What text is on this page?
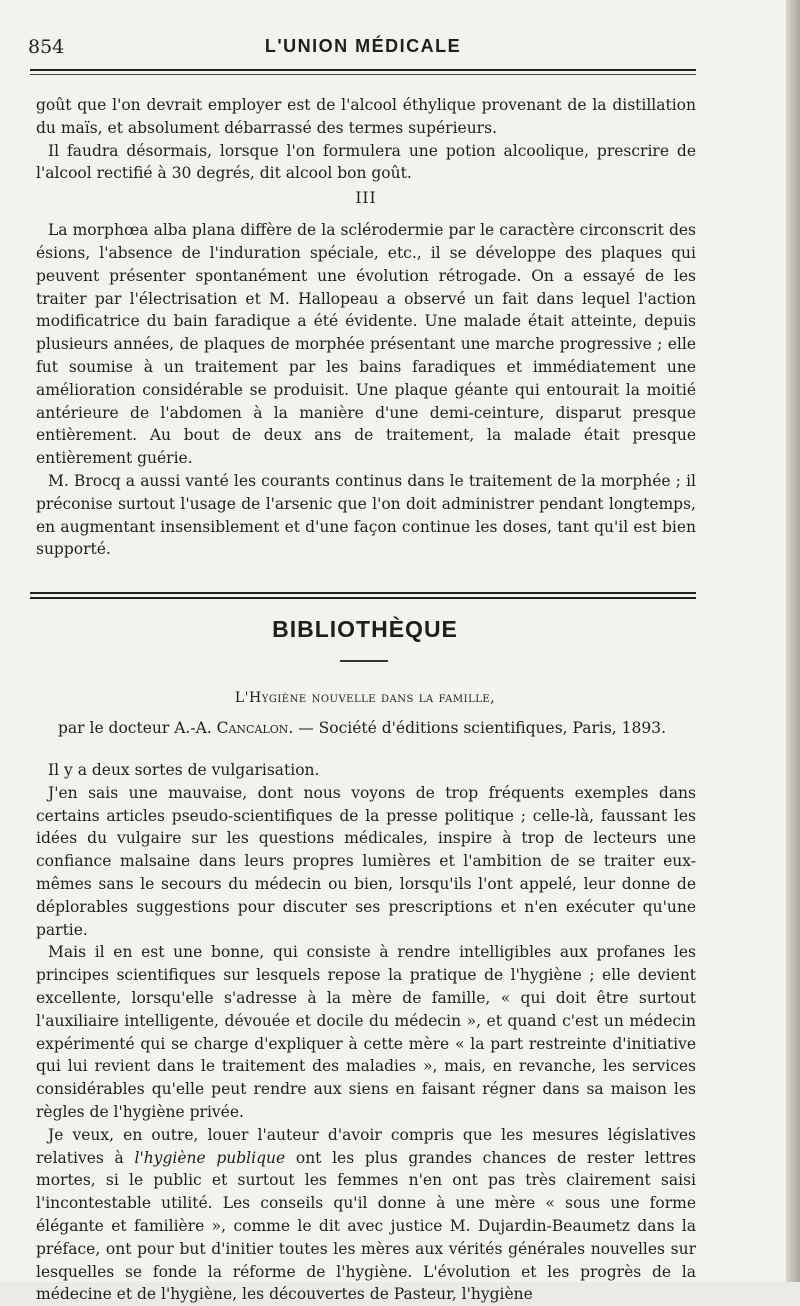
854	L'UNION MÉDICALE

goût que l'on devrait employer est de l'alcool éthylique provenant de la distillation du maïs, et absolument débarrassé des termes supérieurs.

Il faudra désormais, lorsque l'on formulera une potion alcoolique, prescrire de l'alcool rectifié à 30 degrés, dit alcool bon goût.

III

La morphœa alba plana diffère de la sclérodermie par le caractère circonscrit des ésions, l'absence de l'induration spéciale, etc., il se développe des plaques qui peuvent présenter spontanément une évolution rétrogade. On a essayé de les traiter par l'électrisation et M. Hallopeau a observé un fait dans lequel l'action modificatrice du bain faradique a été évidente. Une malade était atteinte, depuis plusieurs années, de plaques de morphée présentant une marche progressive ; elle fut soumise à un traitement par les bains faradiques et immédiatement une amélioration considérable se produisit. Une plaque géante qui entourait la moitié antérieure de l'abdomen à la manière d'une demi-ceinture, disparut presque entièrement. Au bout de deux ans de traitement, la malade était presque entièrement guérie.

M. Brocq a aussi vanté les courants continus dans le traitement de la morphée ; il préconise surtout l'usage de l'arsenic que l'on doit administrer pendant longtemps, en augmentant insensiblement et d'une façon continue les doses, tant qu'il est bien supporté.

BIBLIOTHÈQUE
L'Hygiène nouvelle dans la famille,
par le docteur A.-A. Cancalon. — Société d'éditions scientifiques, Paris, 1893.

Il y a deux sortes de vulgarisation.

J'en sais une mauvaise, dont nous voyons de trop fréquents exemples dans certains articles pseudo-scientifiques de la presse politique ; celle-là, faussant les idées du vulgaire sur les questions médicales, inspire à trop de lecteurs une confiance malsaine dans leurs propres lumières et l'ambition de se traiter eux-mêmes sans le secours du médecin ou bien, lorsqu'ils l'ont appelé, leur donne de déplorables suggestions pour discuter ses prescriptions et n'en exécuter qu'une partie.

Mais il en est une bonne, qui consiste à rendre intelligibles aux profanes les principes scientifiques sur lesquels repose la pratique de l'hygiène ; elle devient excellente, lorsqu'elle s'adresse à la mère de famille, « qui doit être surtout l'auxiliaire intelligente, dévouée et docile du médecin », et quand c'est un médecin expérimenté qui se charge d'expliquer à cette mère « la part restreinte d'initiative qui lui revient dans le traitement des maladies », mais, en revanche, les services considérables qu'elle peut rendre aux siens en faisant régner dans sa maison les règles de l'hygiène privée.

Je veux, en outre, louer l'auteur d'avoir compris que les mesures législatives relatives à l'hygiène publique ont les plus grandes chances de rester lettres mortes, si le public et surtout les femmes n'en ont pas très clairement saisi l'incontestable utilité. Les conseils qu'il donne à une mère « sous une forme élégante et familière », comme le dit avec justice M. Dujardin-Beaumetz dans la préface, ont pour but d'initier toutes les mères aux vérités générales nouvelles sur lesquelles se fonde la réforme de l'hygiène. L'évolution et les progrès de la médecine et de l'hygiène, les découvertes de Pasteur, l'hygiène
